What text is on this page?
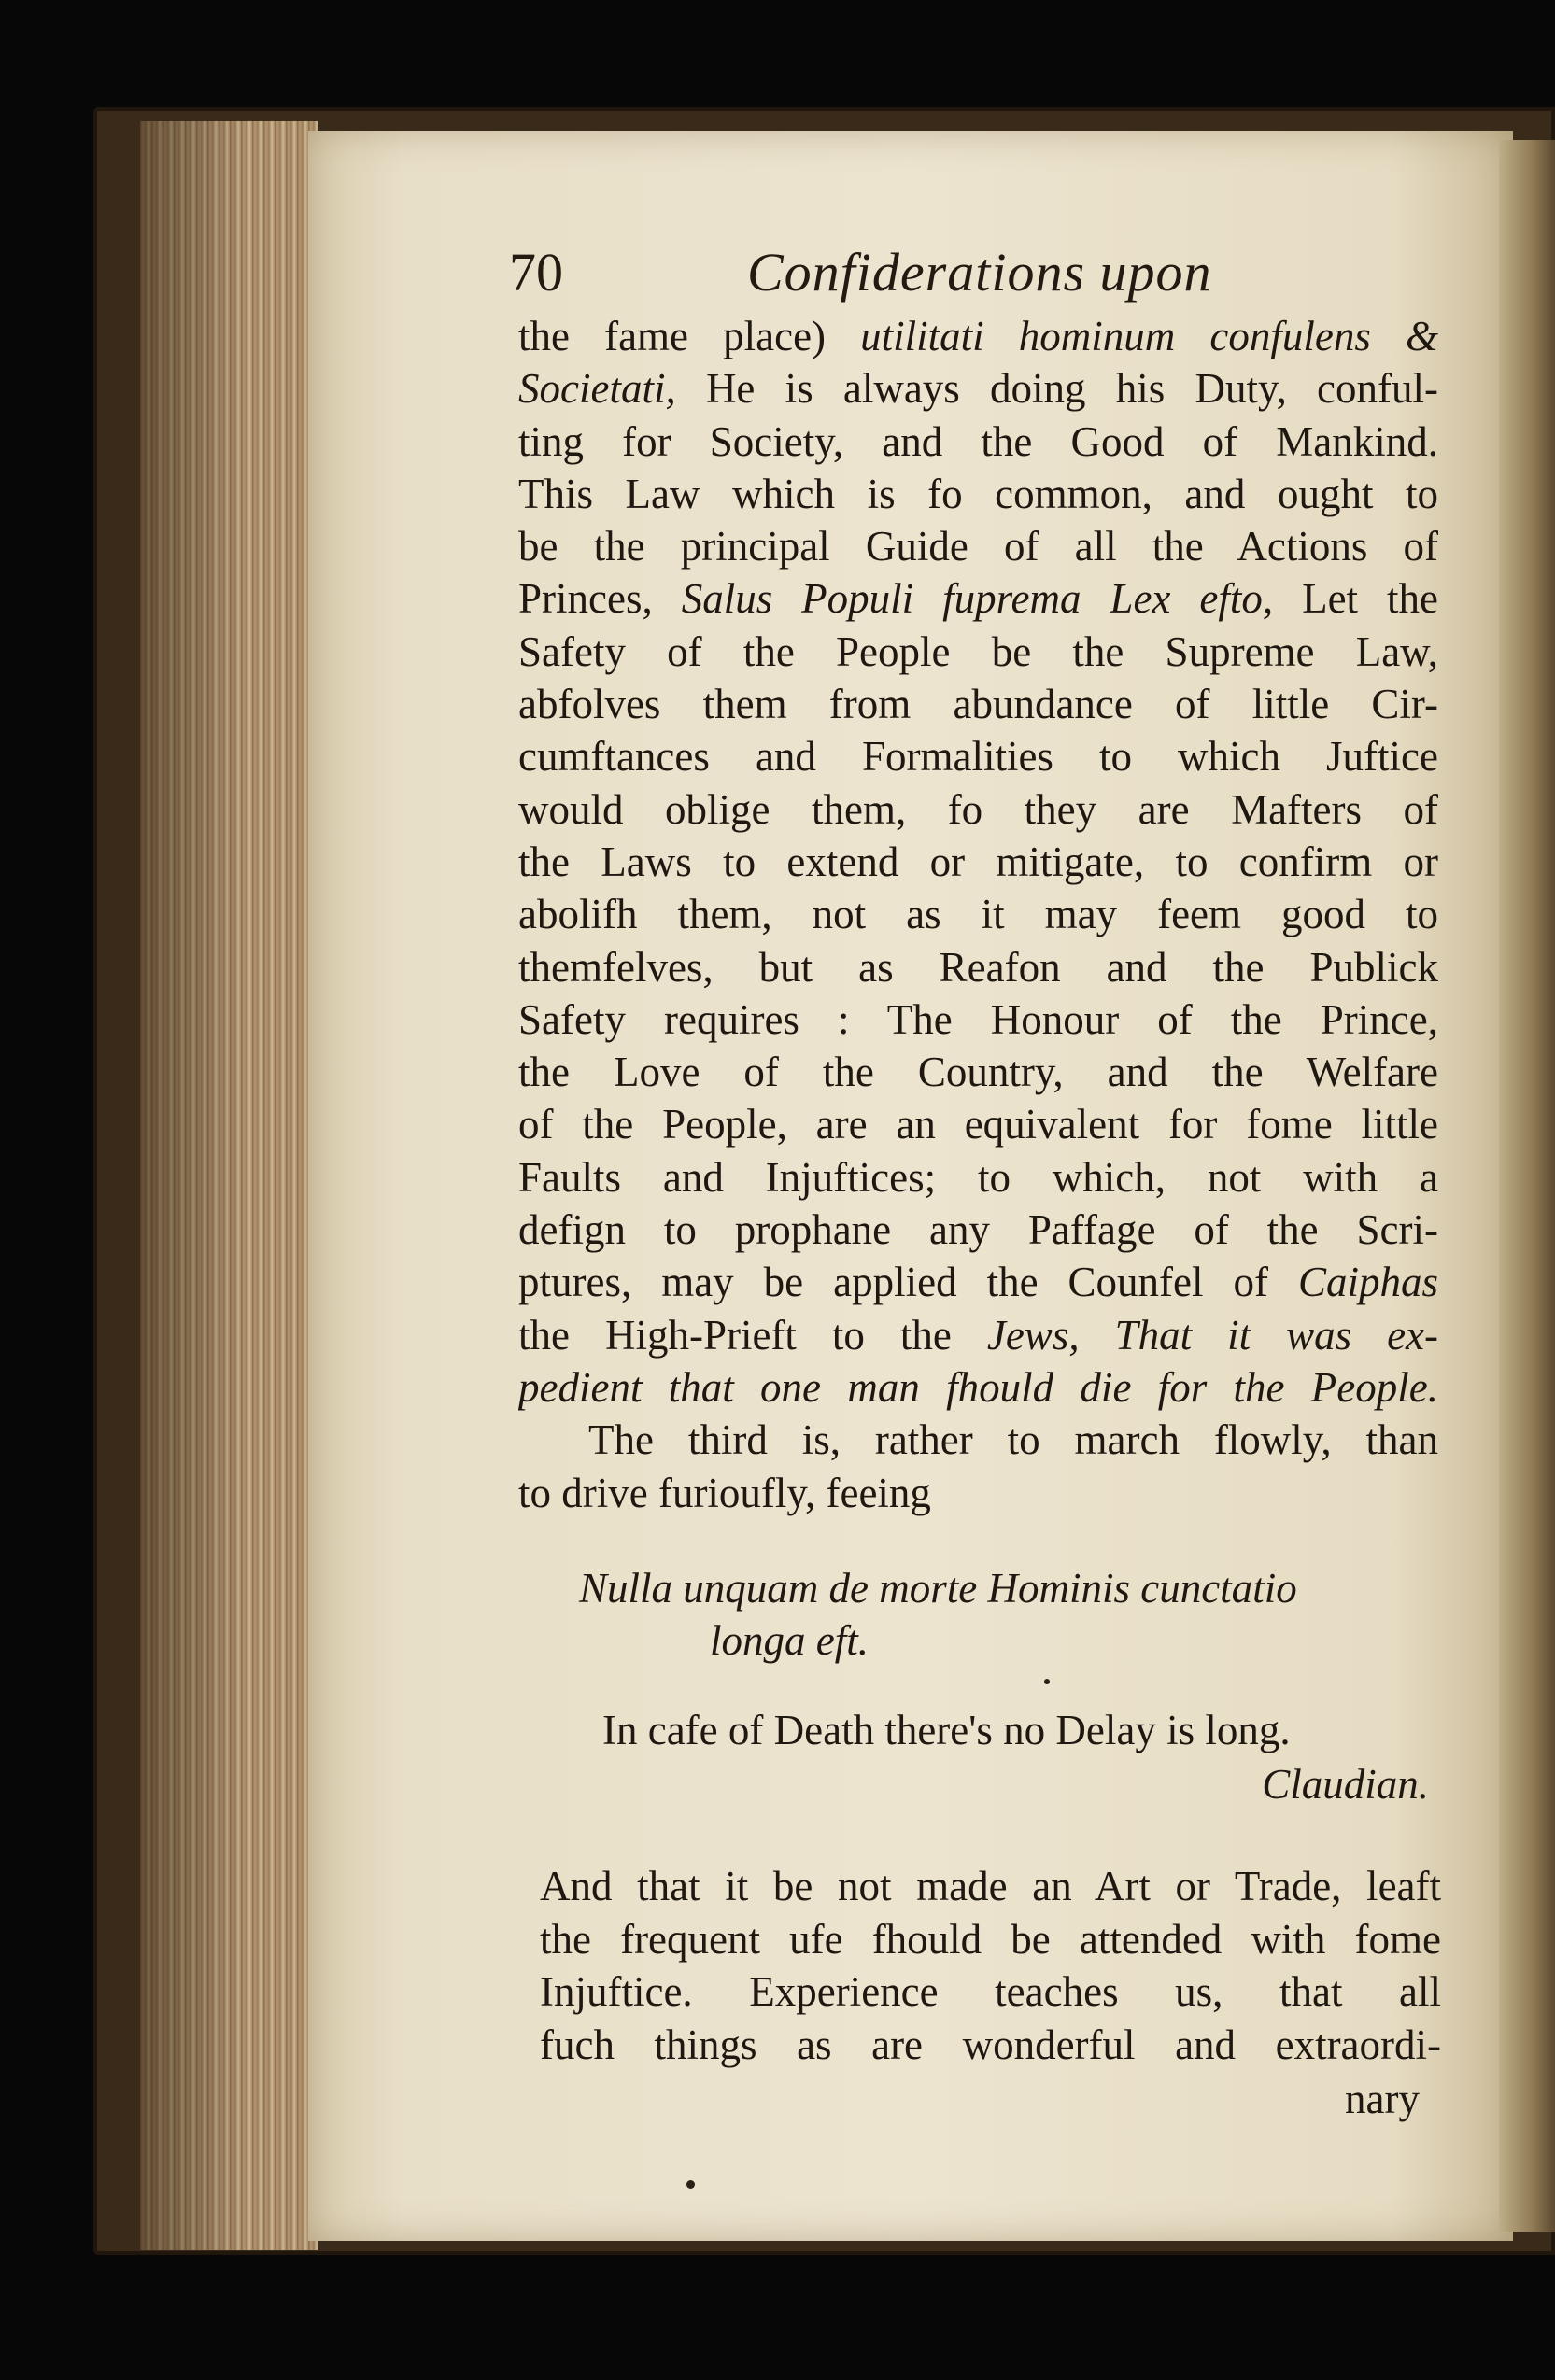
70	Confiderations upon
the fame place) utilitati hominum confulens &
Societati, He is always doing his Duty, conful-
ting for Society, and the Good of Mankind.
This Law which is fo common, and ought to
be the principal Guide of all the Actions of
Princes, Salus Populi fuprema Lex efto, Let the
Safety of the People be the Supreme Law,
abfolves them from abundance of little Cir-
cumftances and Formalities to which Juftice
would oblige them, fo they are Mafters of
the Laws to extend or mitigate, to confirm or
abolifh them, not as it may feem good to
themfelves, but as Reafon and the Publick
Safety requires : The Honour of the Prince,
the Love of the Country, and the Welfare
of the People, are an equivalent for fome little
Faults and Injuftices; to which, not with a
defign to prophane any Paffage of the Scri-
ptures, may be applied the Counfel of Caiphas
the High-Prieft to the Jews, That it was ex-
pedient that one man fhould die for the People.
The third is, rather to march flowly, than
to drive furioufly, feeing
Nulla unquam de morte Hominis cunctatio
longa eft.
In cafe of Death there's no Delay is long.
Claudian.
And that it be not made an Art or Trade, leaft
the frequent ufe fhould be attended with fome
Injuftice. Experience teaches us, that all
fuch things as are wonderful and extraordi-
nary
